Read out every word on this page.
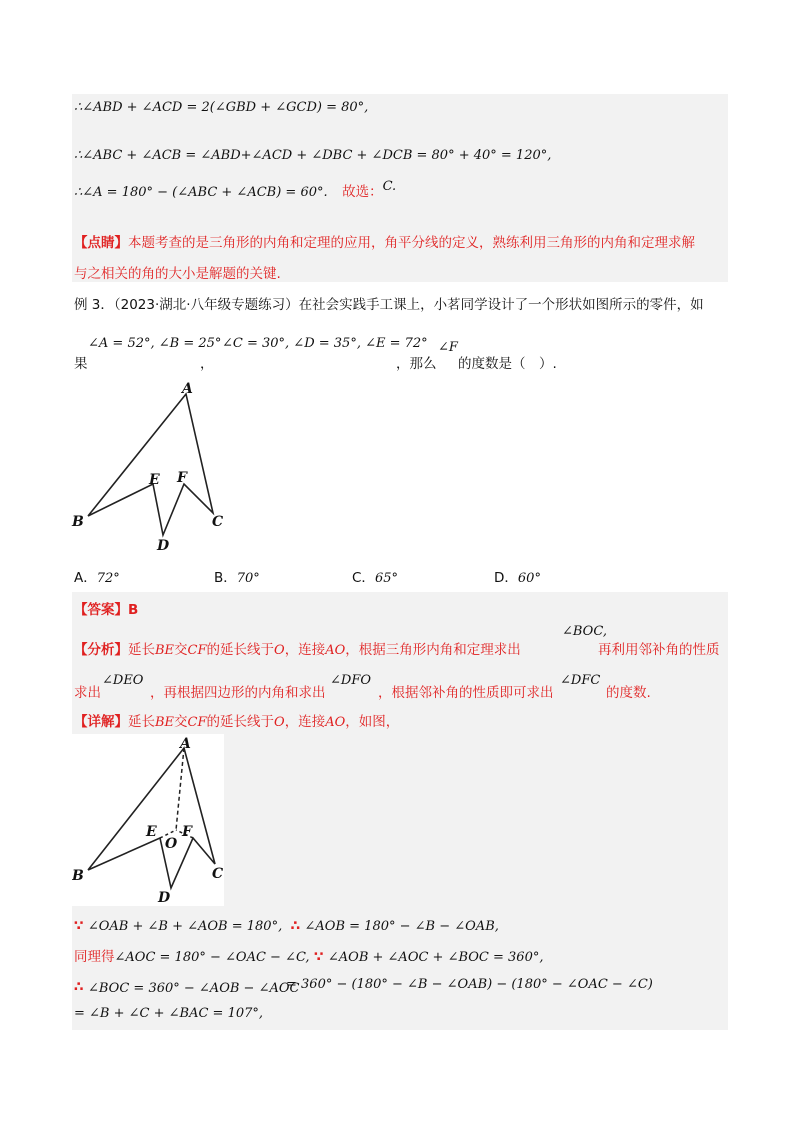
∴∠ABD + ∠ACD = 2(∠GBD + ∠GCD) = 80°,
∴∠ABC + ∠ACB = ∠ABD+∠ACD + ∠DBC + ∠DCB = 80° + 40° = 120°,
∴∠A = 180° − (∠ABC + ∠ACB) = 60°. 故选：C.
【点睛】本题考查的是三角形的内角和定理的应用，角平分线的定义，熟练利用三角形的内角和定理求解
与之相关的角的大小是解题的关键.
例 3．（2023·湖北·八年级专题练习）在社会实践手工课上，小茗同学设计了一个形状如图所示的零件，如
果
∠A = 52°, ∠B = 25°
，
∠C = 30°, ∠D = 35°, ∠E = 72°
，那么
∠F
的度数是（　）.
A
B	C
D
E F
A．72°	B．70°	C．65°	D．60°
【答案】B
【分析】延长BE交CF的延长线于O，连接AO，根据三角形内角和定理求出
∠BOC,
再利用邻补角的性质
求出
∠DEO
，再根据四边形的内角和求出
∠DFO
，根据邻补角的性质即可求出
∠DFC
的度数.
【详解】延长BE交CF的延长线于O，连接AO，如图，
A
B	C
D
E F
O
∵ ∠OAB + ∠B + ∠AOB = 180°, ∴ ∠AOB = 180° − ∠B − ∠OAB,
同理得∠AOC = 180° − ∠OAC − ∠C, ∵ ∠AOB + ∠AOC + ∠BOC = 360°,
∴ ∠BOC = 360° − ∠AOB − ∠AOC
= 360° − (180° − ∠B − ∠OAB) − (180° − ∠OAC − ∠C)
= ∠B + ∠C + ∠BAC = 107°,
